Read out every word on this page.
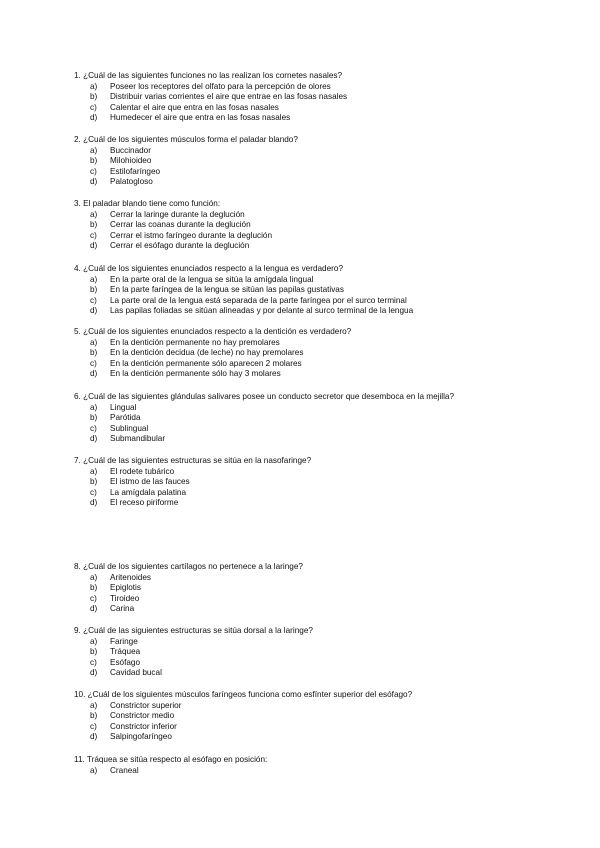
1. ¿Cuál de las siguientes funciones no las realizan los cornetes nasales?
a)	Poseer los receptores del olfato para la percepción de olores
b)	Distribuir varias corrientes el aire que entrae en las fosas nasales
c)	Calentar el aire que entra en las fosas nasales
d)	Humedecer el aire que entra en las fosas nasales
2. ¿Cuál de los siguientes músculos forma el paladar blando?
a)	Buccinador
b)	Milohioideo
c)	Estilofaríngeo
d)	Palatogloso
3. El paladar blando tiene como función:
a)	Cerrar la laringe durante la deglución
b)	Cerrar las coanas durante la deglución
c)	Cerrar el istmo faríngeo durante la deglución
d)	Cerrar el esófago durante la deglución
4. ¿Cuál de los siguientes enunciados respecto a la lengua es verdadero?
a)	En la parte oral de la lengua se sitúa la amígdala lingual
b)	En la parte faríngea de la lengua se sitúan las papilas gustativas
c)	La parte oral de la lengua está separada de la parte faríngea por el surco terminal
d)	Las papilas foliadas se sitúan alineadas y por delante al surco terminal de la lengua
5. ¿Cuál de los siguientes enunciados respecto a la dentición es verdadero?
a)	En la dentición permanente no hay premolares
b)	En la dentición decidua (de leche) no hay premolares
c)	En la dentición permanente sólo aparecen 2 molares
d)	En la dentición permanente sólo hay 3 molares
6. ¿Cuál de las siguientes glándulas salivares posee un conducto secretor que desemboca en la mejilla?
a)	Lingual
b)	Parótida
c)	Sublingual
d)	Submandibular
7. ¿Cuál de las siguientes estructuras se sitúa en la nasofaringe?
a)	El rodete tubárico
b)	El istmo de las fauces
c)	La amígdala palatina
d)	El receso piriforme
8. ¿Cuál de los siguientes cartílagos no pertenece a la laringe?
a)	Aritenoides
b)	Epiglotis
c)	Tiroideo
d)	Carina
9. ¿Cuál de las siguientes estructuras se sitúa dorsal a la laringe?
a)	Faringe
b)	Tráquea
c)	Esófago
d)	Cavidad bucal
10. ¿Cuál de los siguientes músculos faríngeos funciona como esfínter superior del esófago?
a)	Constrictor superior
b)	Constrictor medio
c)	Constrictor inferior
d)	Salpingofaríngeo
11. Tráquea se sitúa respecto al esófago en posición:
a)	Craneal
